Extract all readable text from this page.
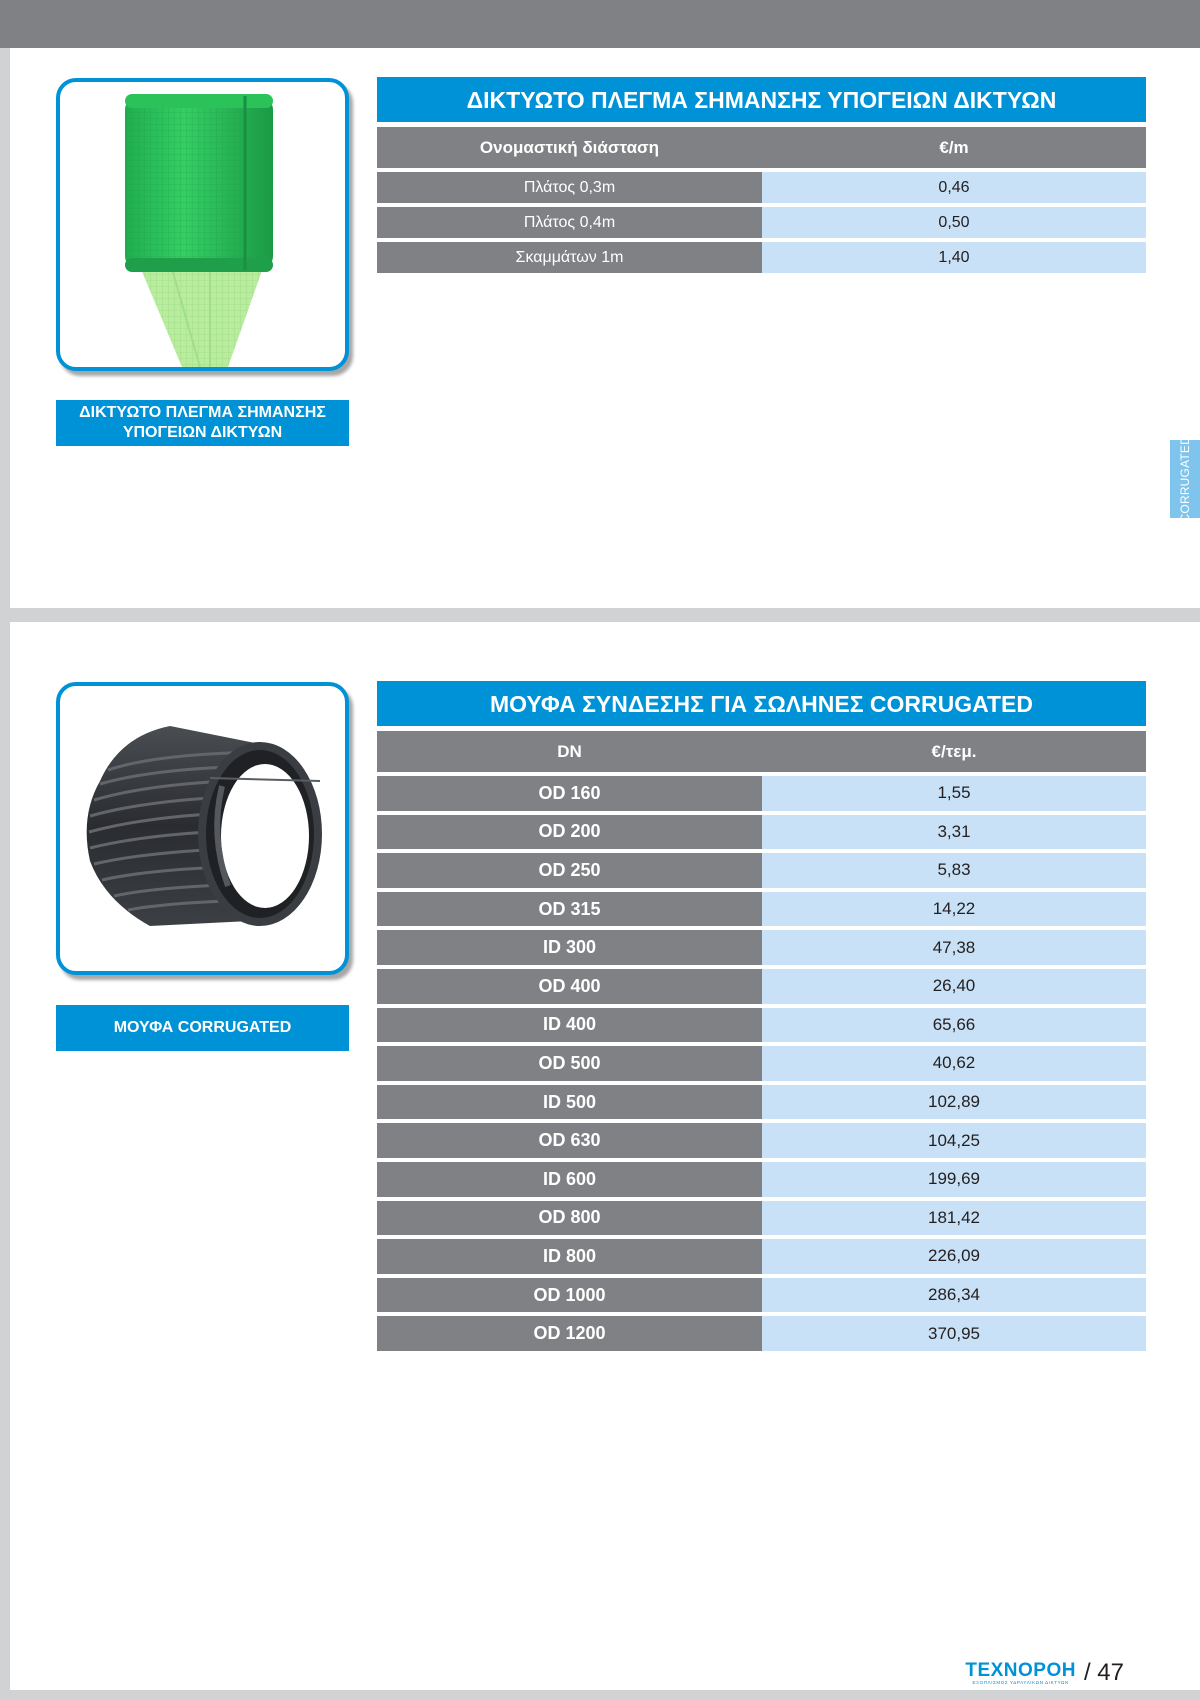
ΔΙΚΤΥΩΤΟ ΠΛΕΓΜΑ ΣΗΜΑΝΣΗΣ ΥΠΟΓΕΙΩΝ ΔΙΚΤΥΩΝ
ΔΙΚΤΥΩΤΟ ΠΛΕΓΜΑ ΣΗΜΑΝΣΗΣ ΥΠΟΓΕΙΩΝ ΔΙΚΤΥΩΝ
Ονομαστική διάσταση	€/m
Πλάτος 0,3m	0,46
Πλάτος 0,4m	0,50
Σκαμμάτων 1m	1,40
CORRUGATED
ΜΟΥΦΑ CORRUGATED
ΜΟΥΦΑ ΣΥΝΔΕΣΗΣ ΓΙΑ ΣΩΛΗΝΕΣ CORRUGATED
DN	€/τεμ.
OD 160	1,55
OD 200	3,31
OD 250	5,83
OD 315	14,22
ID 300	47,38
OD 400	26,40
ID 400	65,66
OD 500	40,62
ID 500	102,89
OD 630	104,25
ID 600	199,69
OD 800	181,42
ID 800	226,09
OD 1000	286,34
OD 1200	370,95
ΤΕΧΝΟΡΟΗ
ΕΞΟΠΛΙΣΜΟΣ ΥΔΡΑΥΛΙΚΩΝ ΔΙΚΤΥΩΝ / 47
